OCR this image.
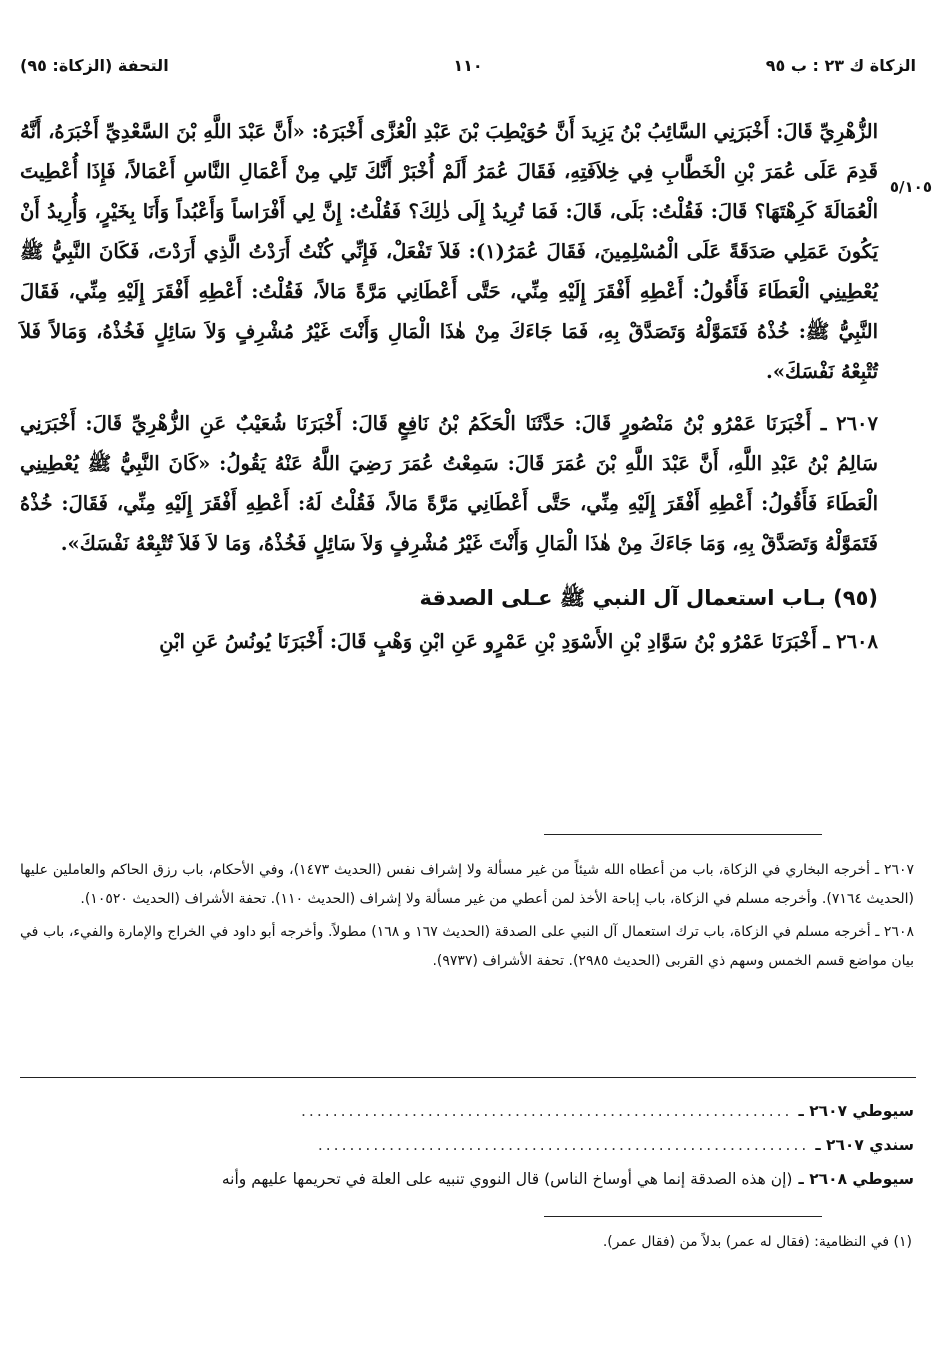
الزكاة ك ٢٣ : ب ٩٥
١١٠
التحفة (الزكاة: ٩٥)
٥/١٠٥

الزُّهْرِيِّ قَالَ: أَخْبَرَنِي السَّائِبُ بْنُ يَزِيدَ أَنَّ حُوَيْطِبَ بْنَ عَبْدِ الْعُزَّى أَخْبَرَهُ: «أَنَّ عَبْدَ اللَّهِ بْنَ السَّعْدِيِّ أَخْبَرَهُ، أَنَّهُ قَدِمَ عَلَى عُمَرَ بْنِ الْخَطَّابِ فِي خِلاَفَتِهِ، فَقَالَ عُمَرُ أَلَمْ أُخْبَرْ أَنَّكَ تَلِي مِنْ أَعْمَالِ النَّاسِ أَعْمَالاً، فَإِذَا أُعْطِيتَ الْعُمَالَةَ كَرِهْتَهَا؟ قَالَ: فَقُلْتُ: بَلَى، قَالَ: فَمَا تُرِيدُ إِلَى ذٰلِكَ؟ فَقُلْتُ: إِنَّ لِي أَفْرَاساً وَأَعْبُداً وَأَنَا بِخَيْرٍ، وَأُرِيدُ أَنْ يَكُونَ عَمَلِي صَدَقَةً عَلَى الْمُسْلِمِينَ، فَقَالَ عُمَرُ(١): فَلاَ تَفْعَلْ، فَإِنِّي كُنْتُ أَرَدْتُ الَّذِي أَرَدْتَ، فَكَانَ النَّبِيُّ ﷺ يُعْطِينِي الْعَطَاءَ فَأَقُولُ: أَعْطِهِ أَفْقَرَ إِلَيْهِ مِنِّي، حَتَّى أَعْطَانِي مَرَّةً مَالاً، فَقُلْتُ: أَعْطِهِ أَفْقَرَ إِلَيْهِ مِنِّي، فَقَالَ النَّبِيُّ ﷺ: خُذْهُ فَتَمَوَّلْهُ وَتَصَدَّقْ بِهِ، فَمَا جَاءَكَ مِنْ هٰذَا الْمَالِ وَأَنْتَ غَيْرُ مُشْرِفٍ وَلاَ سَائِلٍ فَخُذْهُ، وَمَالاً فَلاَ تُتْبِعْهُ نَفْسَكَ».

٢٦٠٧ ـ أَخْبَرَنَا عَمْرُو بْنُ مَنْصُورٍ قَالَ: حَدَّثَنَا الْحَكَمُ بْنُ نَافِعٍ قَالَ: أَخْبَرَنَا شُعَيْبٌ عَنِ الزُّهْرِيِّ قَالَ: أَخْبَرَنِي سَالِمُ بْنُ عَبْدِ اللَّهِ، أَنَّ عَبْدَ اللَّهِ بْنَ عُمَرَ قَالَ: سَمِعْتُ عُمَرَ رَضِيَ اللَّهُ عَنْهُ يَقُولُ: «كَانَ النَّبِيُّ ﷺ يُعْطِينِي الْعَطَاءَ فَأَقُولُ: أَعْطِهِ أَفْقَرَ إِلَيْهِ مِنِّي، حَتَّى أَعْطَانِي مَرَّةً مَالاً، فَقُلْتُ لَهُ: أَعْطِهِ أَفْقَرَ إِلَيْهِ مِنِّي، فَقَالَ: خُذْهُ فَتَمَوَّلْهُ وَتَصَدَّقْ بِهِ، وَمَا جَاءَكَ مِنْ هٰذَا الْمَالِ وَأَنْتَ غَيْرُ مُشْرِفٍ وَلاَ سَائِلٍ فَخُذْهُ، وَمَا لاَ فَلاَ تُتْبِعْهُ نَفْسَكَ».

(٩٥) بـاب استعمال آل النبي ﷺ عـلى الصدقة

٢٦٠٨ ـ أَخْبَرَنَا عَمْرُو بْنُ سَوَّادِ بْنِ الأَسْوَدِ بْنِ عَمْرٍو عَنِ ابْنِ وَهْبٍ قَالَ: أَخْبَرَنَا يُونُسُ عَنِ ابْنِ

٢٦٠٧ ـ أخرجه البخاري في الزكاة، باب من أعطاه الله شيئاً من غير مسألة ولا إشراف نفس (الحديث ١٤٧٣)، وفي الأحكام، باب رزق الحاكم والعاملين عليها (الحديث ٧١٦٤). وأخرجه مسلم في الزكاة، باب إباحة الأخذ لمن أعطي من غير مسألة ولا إشراف (الحديث ١١٠). تحفة الأشراف (الحديث ١٠٥٢٠).

٢٦٠٨ ـ أخرجه مسلم في الزكاة، باب ترك استعمال آل النبي على الصدقة (الحديث ١٦٧ و ١٦٨) مطولاً. وأخرجه أبو داود في الخراج والإمارة والفيء، باب في بيان مواضع قسم الخمس وسهم ذي القربى (الحديث ٢٩٨٥). تحفة الأشراف (٩٧٣٧).

سيوطي ٢٦٠٧ ـ
..............................................................
سندي ٢٦٠٧ ـ
..............................................................
سيوطي ٢٦٠٨ ـ
(إن هذه الصدقة إنما هي أوساخ الناس) قال النووي تنبيه على العلة في تحريمها عليهم وأنه
(١) في النظامية: (فقال له عمر) بدلاً من (فقال عمر).
